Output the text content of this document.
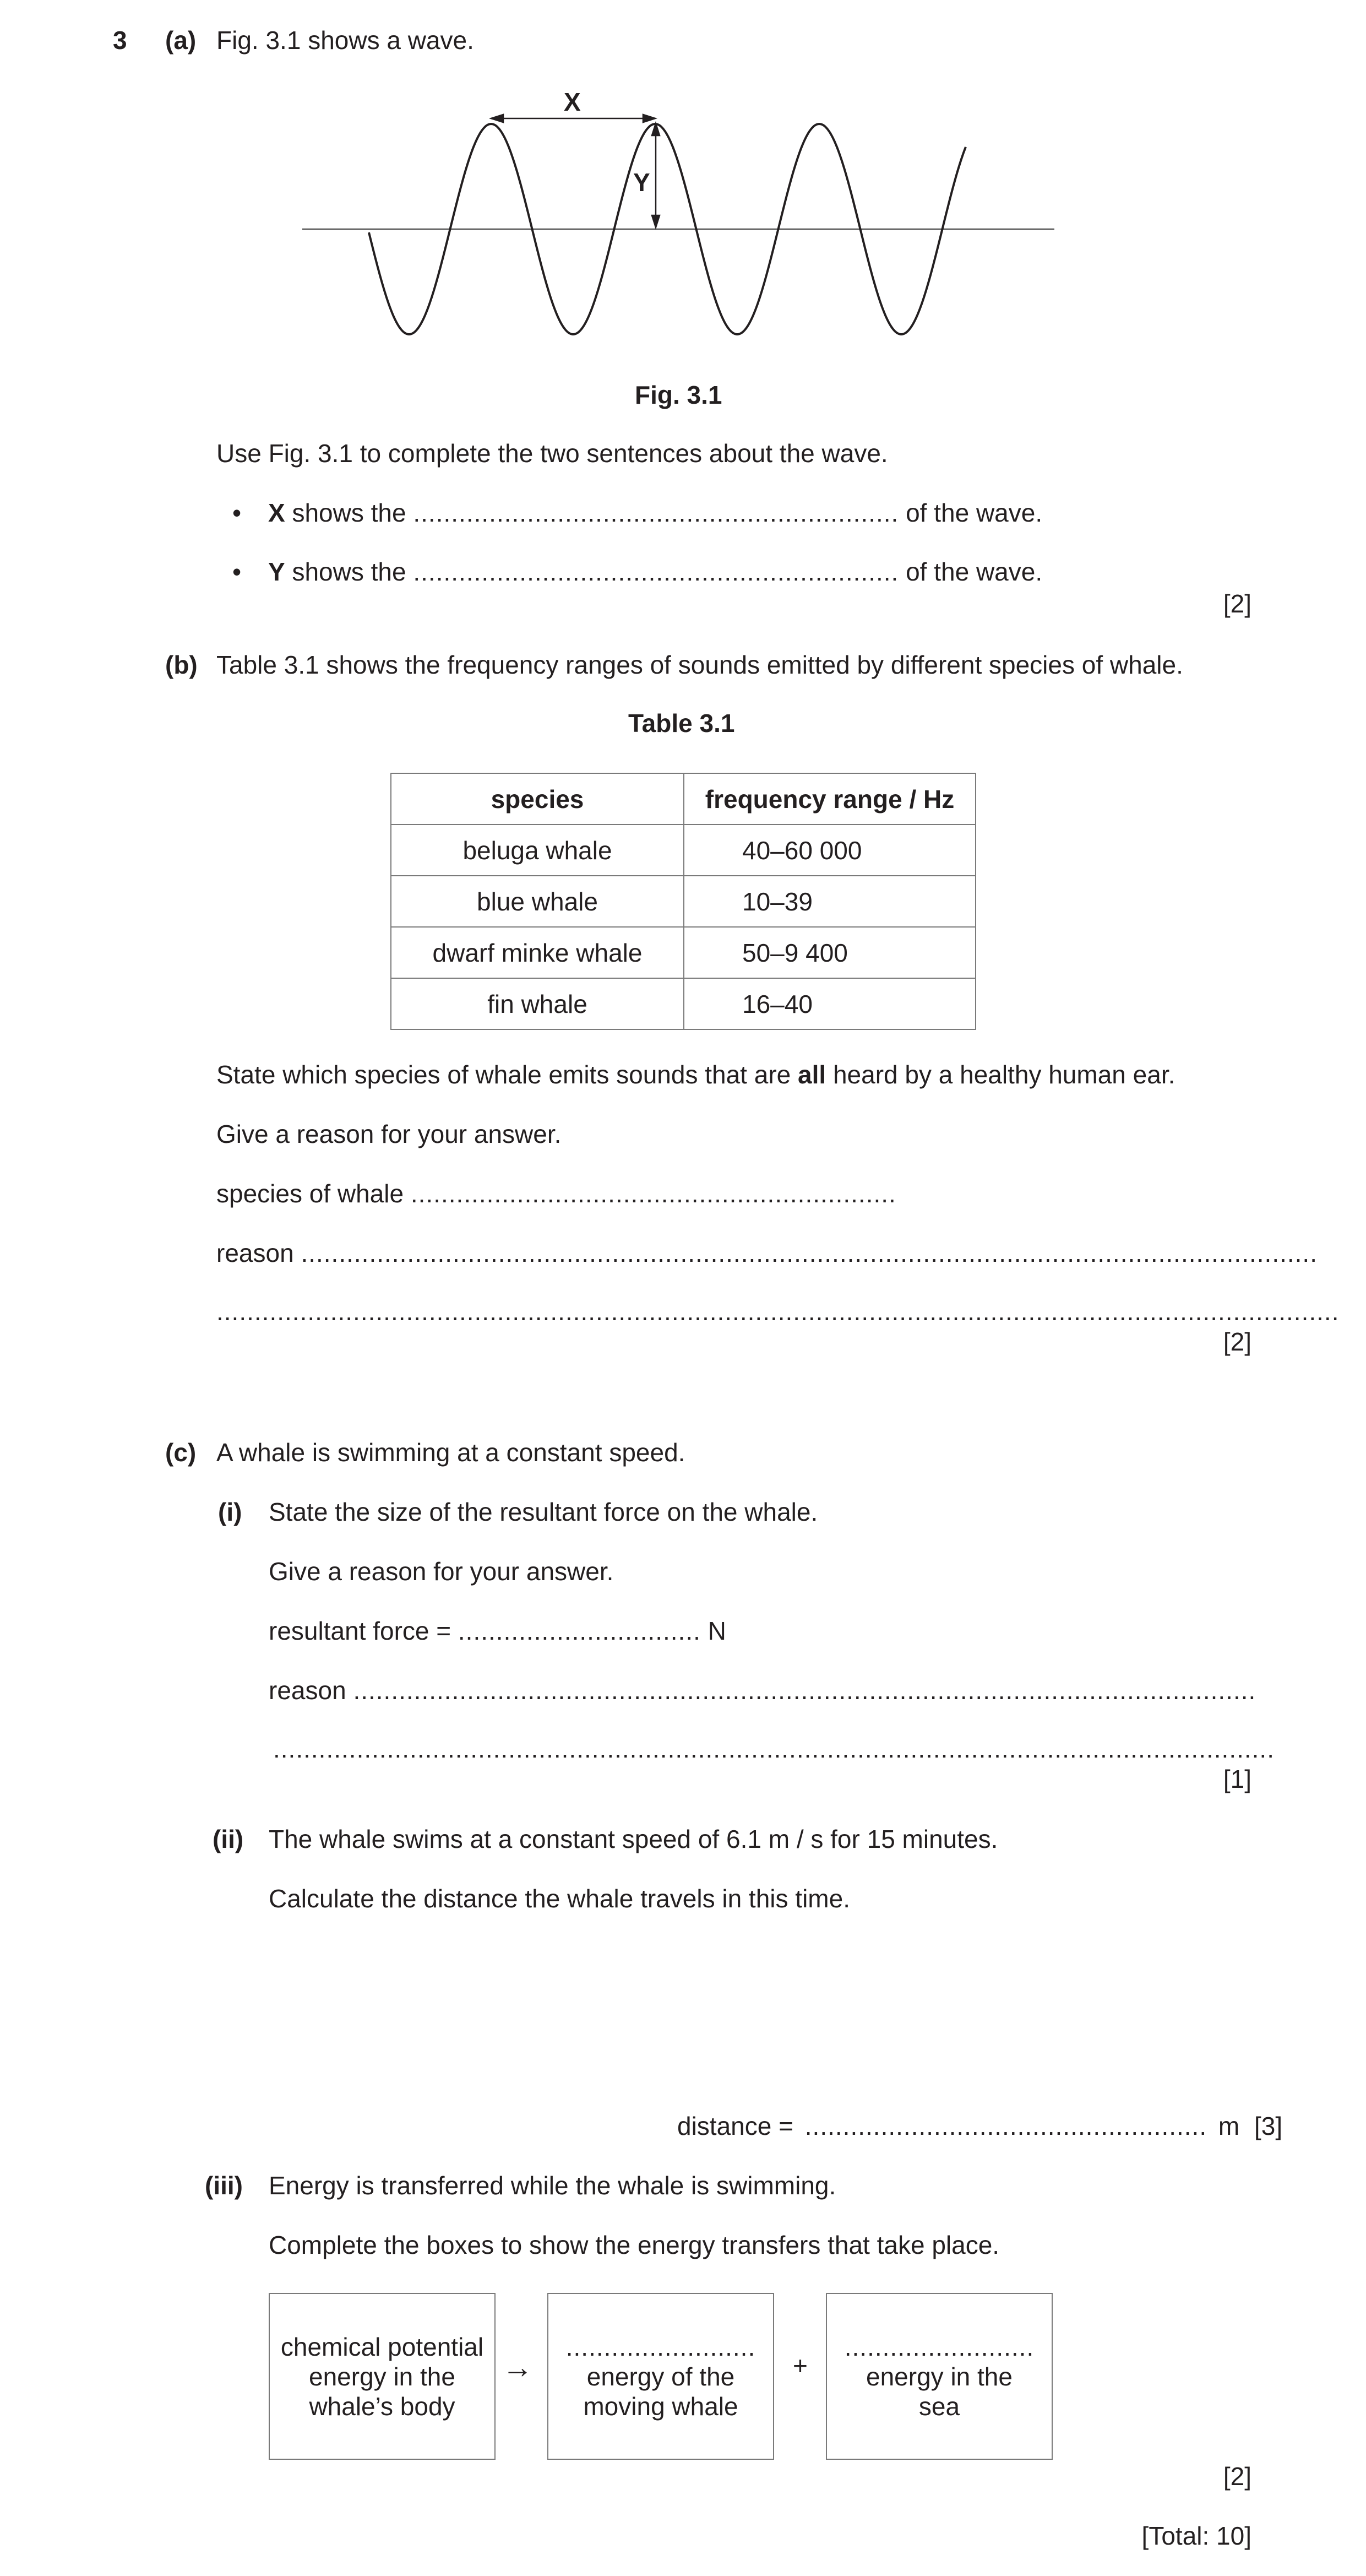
3 (a) Fig. 3.1 shows a wave.
X
Y
Fig. 3.1
Use Fig. 3.1 to complete the two sentences about the wave.
• X shows the ................................................................ of the wave.
• Y shows the ................................................................ of the wave.
[2]
(b) Table 3.1 shows the frequency ranges of sounds emitted by different species of whale.
Table 3.1
species	frequency range / Hz
beluga whale	40–60 000
blue whale	10–39
dwarf minke whale	50–9 400
fin whale	16–40
State which species of whale emits sounds that are all heard by a healthy human ear.
Give a reason for your answer.
species of whale ................................................................
reason ......................................................................................................................................
....................................................................................................................................................
[2]
(c) A whale is swimming at a constant speed.
(i) State the size of the resultant force on the whale.
Give a reason for your answer.
resultant force = ................................ N
reason .......................................................................................................................
....................................................................................................................................
[1]
(ii) The whale swims at a constant speed of 6.1 m / s for 15 minutes.
Calculate the distance the whale travels in this time.
distance = ..................................................... m [3]
(iii) Energy is transferred while the whale is swimming.
Complete the boxes to show the energy transfers that take place.
chemical potential
energy in the
whale’s body
→
.........................
energy of the
moving whale
+
.........................
energy in the
sea
[2]
[Total: 10]
